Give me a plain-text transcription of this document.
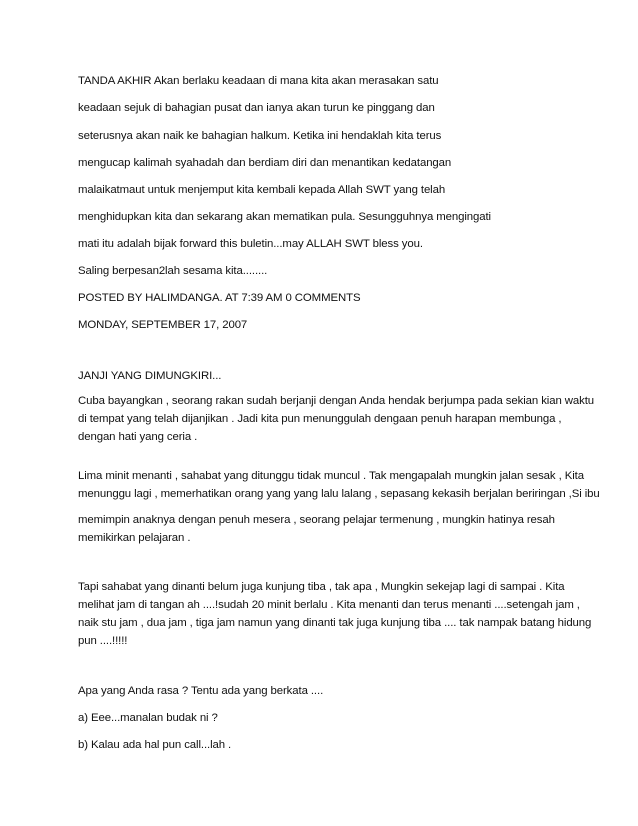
TANDA AKHIR Akan berlaku keadaan di mana kita akan merasakan satu
keadaan sejuk di bahagian pusat dan ianya akan turun ke pinggang dan
seterusnya akan naik ke bahagian halkum. Ketika ini hendaklah kita terus
mengucap kalimah syahadah dan berdiam diri dan menantikan kedatangan
malaikatmaut untuk menjemput kita kembali kepada Allah SWT yang telah
menghidupkan kita dan sekarang akan mematikan pula. Sesungguhnya mengingati
mati itu adalah bijak forward this buletin...may ALLAH SWT bless you.
Saling berpesan2lah sesama kita........
POSTED BY HALIMDANGA. AT 7:39 AM 0 COMMENTS
MONDAY, SEPTEMBER 17, 2007
JANJI YANG DIMUNGKIRI...
Cuba bayangkan , seorang rakan sudah berjanji dengan Anda hendak berjumpa pada sekian kian waktu
di tempat yang telah dijanjikan . Jadi kita pun menunggulah dengaan penuh harapan membunga ,
dengan hati yang ceria .
Lima minit menanti , sahabat yang ditunggu tidak muncul . Tak mengapalah mungkin jalan sesak , Kita
menunggu lagi , memerhatikan orang yang yang lalu lalang , sepasang kekasih berjalan beriringan ,Si ibu
memimpin anaknya dengan penuh mesera , seorang pelajar termenung , mungkin hatinya resah
memikirkan pelajaran .
Tapi sahabat yang dinanti belum juga kunjung tiba , tak apa , Mungkin sekejap lagi di sampai . Kita
melihat jam di tangan ah ....!sudah 20 minit berlalu . Kita menanti dan terus menanti ....setengah jam ,
naik stu jam , dua jam , tiga jam namun yang dinanti tak juga kunjung tiba .... tak nampak batang hidung
pun ....!!!!!
Apa yang Anda rasa ? Tentu ada yang berkata ....
a) Eee...manalan budak ni ?
b) Kalau ada hal pun call...lah .
